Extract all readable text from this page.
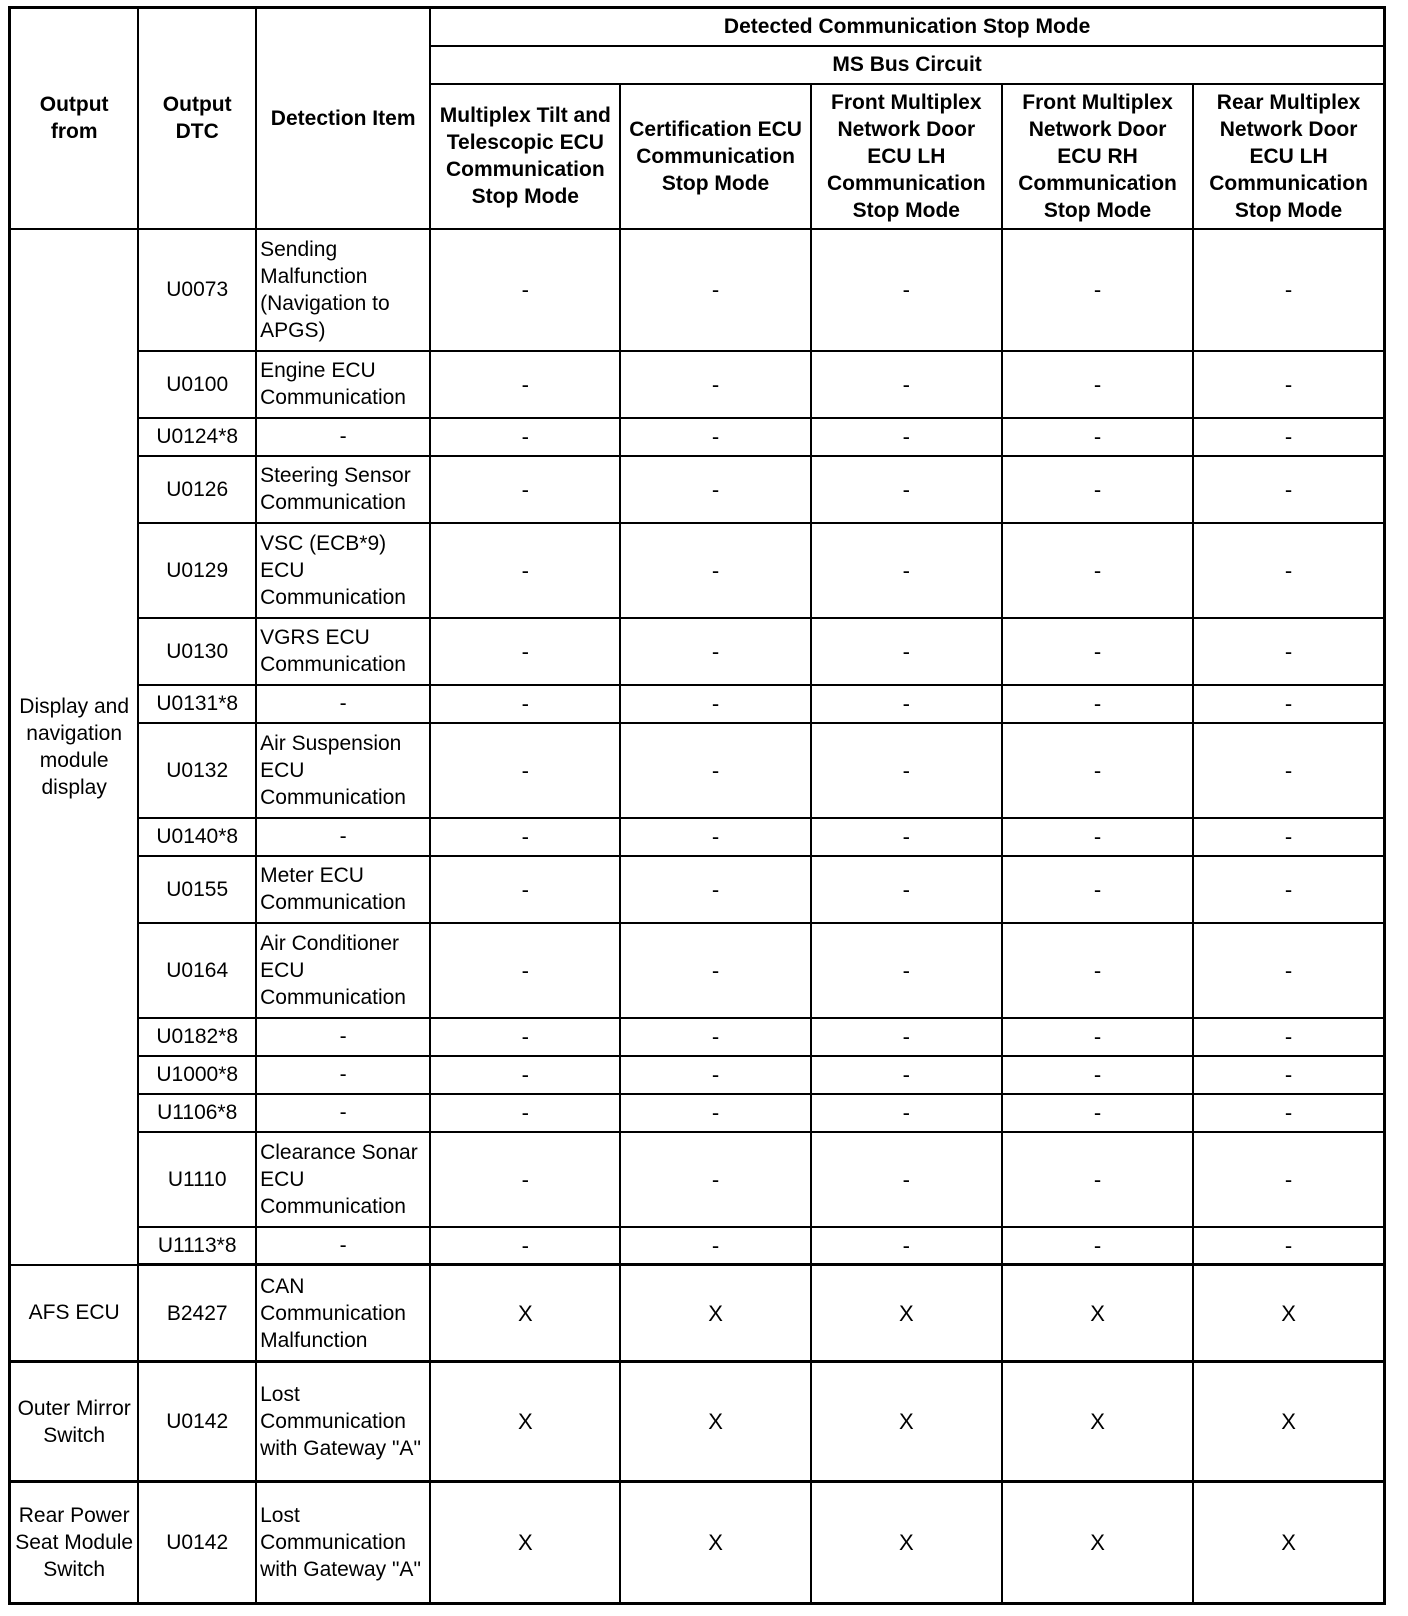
Output from	Output DTC	Detection Item	Detected Communication Stop Mode				
			MS Bus Circuit				
			Multiplex Tilt and Telescopic ECU Communication Stop Mode	Certification ECU Communication Stop Mode	Front Multiplex Network Door ECU LH Communication Stop Mode	Front Multiplex Network Door ECU RH Communication Stop Mode	Rear Multiplex Network Door ECU LH Communication Stop Mode
Display and navigation module display	U0073	Sending Malfunction (Navigation to APGS)	-	-	-	-	-
	U0100	Engine ECU Communication	-	-	-	-	-
	U0124*8	-	-	-	-	-	-
	U0126	Steering Sensor Communication	-	-	-	-	-
	U0129	VSC (ECB*9) ECU Communication	-	-	-	-	-
	U0130	VGRS ECU Communication	-	-	-	-	-
	U0131*8	-	-	-	-	-	-
	U0132	Air Suspension ECU Communication	-	-	-	-	-
	U0140*8	-	-	-	-	-	-
	U0155	Meter ECU Communication	-	-	-	-	-
	U0164	Air Conditioner ECU Communication	-	-	-	-	-
	U0182*8	-	-	-	-	-	-
	U1000*8	-	-	-	-	-	-
	U1106*8	-	-	-	-	-	-
	U1110	Clearance Sonar ECU Communication	-	-	-	-	-
	U1113*8	-	-	-	-	-	-
AFS ECU	B2427	CAN Communication Malfunction	X	X	X	X	X
Outer Mirror Switch	U0142	Lost Communication with Gateway "A"	X	X	X	X	X
Rear Power Seat Module Switch	U0142	Lost Communication with Gateway "A"	X	X	X	X	X
